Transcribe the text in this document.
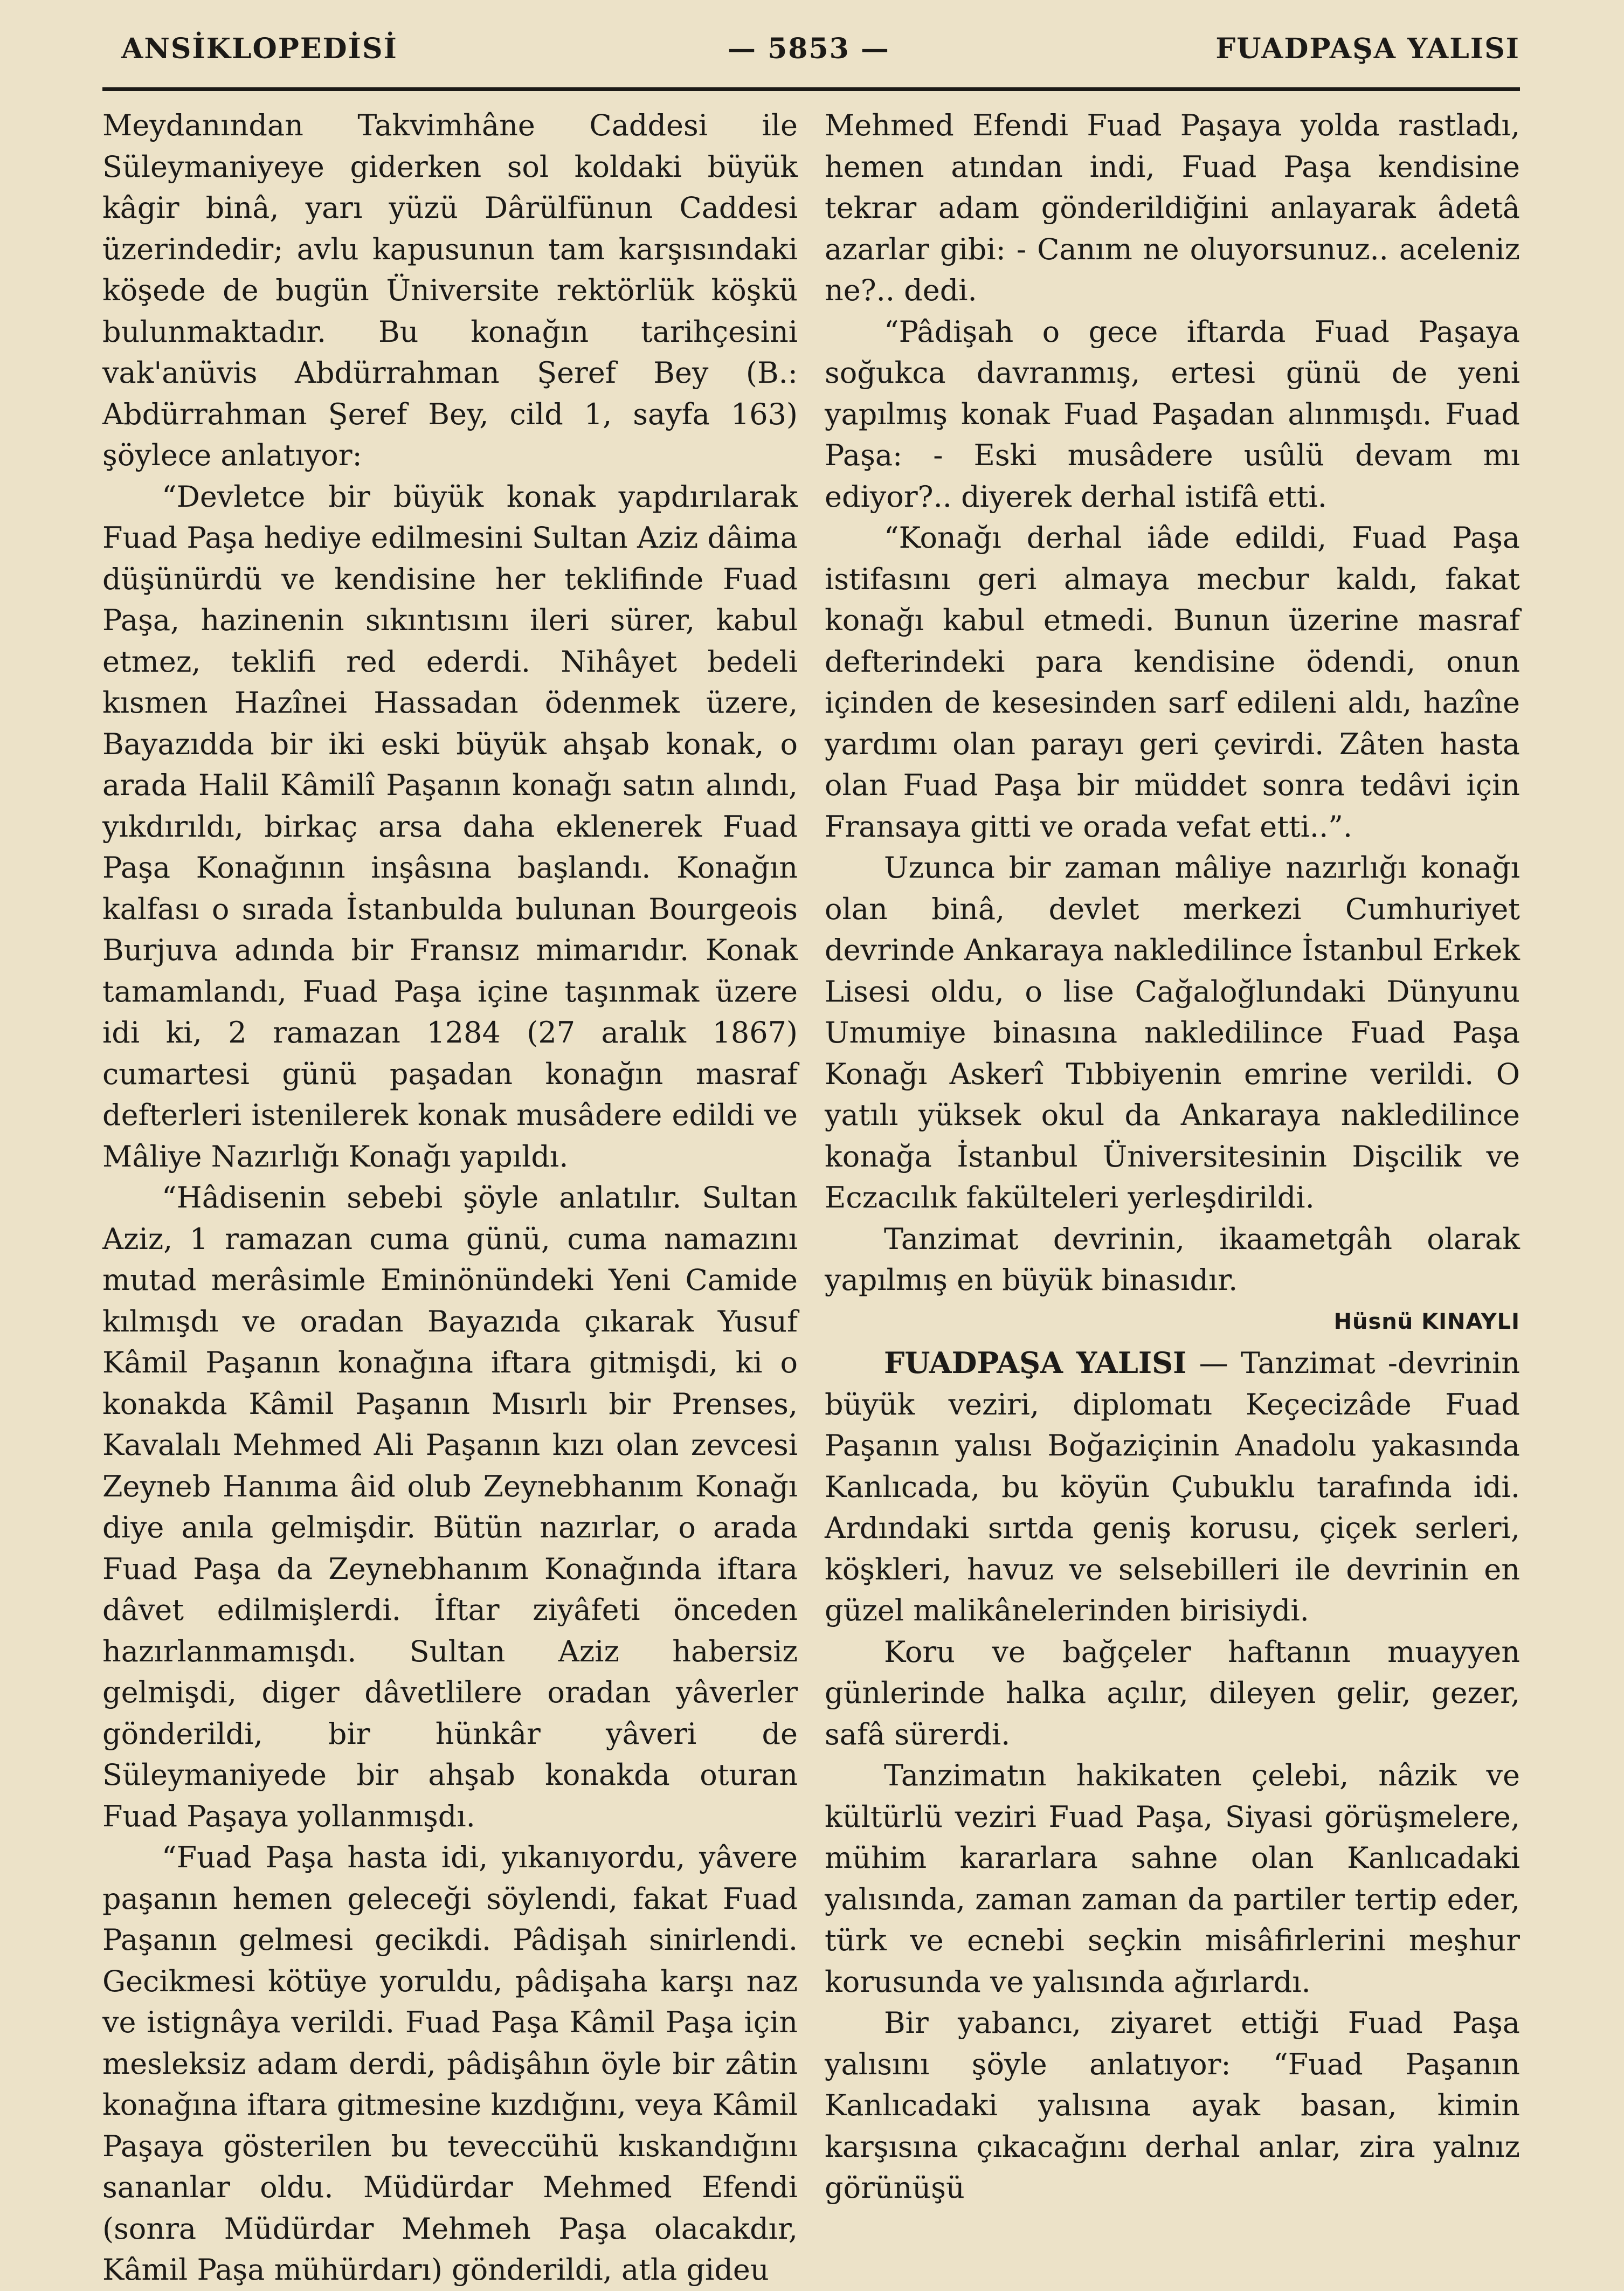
ANSİKLOPEDİSİ	— 5853 —	FUADPAŞA YALISI

Meydanından Takvimhâne Caddesi ile Süleymaniyeye giderken sol koldaki büyük kâgir binâ, yarı yüzü Dârülfünun Caddesi üzerindedir; avlu kapusunun tam karşısındaki köşede de bugün Üniversite rektörlük köşkü bulunmaktadır. Bu konağın tarihçesini vak'anüvis Abdürrahman Şeref Bey (B.: Abdürrahman Şeref Bey, cild 1, sayfa 163) şöylece anlatıyor:

“Devletce bir büyük konak yapdırılarak Fuad Paşa hediye edilmesini Sultan Aziz dâima düşünürdü ve kendisine her teklifinde Fuad Paşa, hazinenin sıkıntısını ileri sürer, kabul etmez, teklifi red ederdi. Nihâyet bedeli kısmen Hazînei Hassadan ödenmek üzere, Bayazıdda bir iki eski büyük ahşab konak, o arada Halil Kâmilî Paşanın konağı satın alındı, yıkdırıldı, birkaç arsa daha eklenerek Fuad Paşa Konağının inşâsına başlandı. Konağın kalfası o sırada İstanbulda bulunan Bourgeois Burjuva adında bir Fransız mimarıdır. Konak tamamlandı, Fuad Paşa içine taşınmak üzere idi ki, 2 ramazan 1284 (27 aralık 1867) cumartesi günü paşadan konağın masraf defterleri istenilerek konak musâdere edildi ve Mâliye Nazırlığı Konağı yapıldı.

“Hâdisenin sebebi şöyle anlatılır. Sultan Aziz, 1 ramazan cuma günü, cuma namazını mutad merâsimle Eminönündeki Yeni Camide kılmışdı ve oradan Bayazıda çıkarak Yusuf Kâmil Paşanın konağına iftara gitmişdi, ki o konakda Kâmil Paşanın Mısırlı bir Prenses, Kavalalı Mehmed Ali Paşanın kızı olan zevcesi Zeyneb Hanıma âid olub Zeynebhanım Konağı diye anıla gelmişdir. Bütün nazırlar, o arada Fuad Paşa da Zeynebhanım Konağında iftara dâvet edilmişlerdi. İftar ziyâfeti önceden hazırlanmamışdı. Sultan Aziz habersiz gelmişdi, diger dâvetlilere oradan yâverler gönderildi, bir hünkâr yâveri de Süleymaniyede bir ahşab konakda oturan Fuad Paşaya yollanmışdı.

“Fuad Paşa hasta idi, yıkanıyordu, yâvere paşanın hemen geleceği söylendi, fakat Fuad Paşanın gelmesi gecikdi. Pâdişah sinirlendi. Gecikmesi kötüye yoruldu, pâdişaha karşı naz ve istignâya verildi. Fuad Paşa Kâmil Paşa için mesleksiz adam derdi, pâdişâhın öyle bir zâtin konağına iftara gitmesine kızdığını, veya Kâmil Paşaya gösterilen bu teveccühü kıskandığını sananlar oldu. Müdürdar Mehmed Efendi (sonra Müdürdar Mehmeh Paşa olacakdır, Kâmil Paşa mühürdarı) gönderildi, atla gideu

Mehmed Efendi Fuad Paşaya yolda rastladı, hemen atından indi, Fuad Paşa kendisine tekrar adam gönderildiğini anlayarak âdetâ azarlar gibi: - Canım ne oluyorsunuz.. aceleniz ne?.. dedi.

“Pâdişah o gece iftarda Fuad Paşaya soğukca davranmış, ertesi günü de yeni yapılmış konak Fuad Paşadan alınmışdı. Fuad Paşa: - Eski musâdere usûlü devam mı ediyor?.. diyerek derhal istifâ etti.

“Konağı derhal iâde edildi, Fuad Paşa istifasını geri almaya mecbur kaldı, fakat konağı kabul etmedi. Bunun üzerine masraf defterindeki para kendisine ödendi, onun içinden de kesesinden sarf edileni aldı, hazîne yardımı olan parayı geri çevirdi. Zâten hasta olan Fuad Paşa bir müddet sonra tedâvi için Fransaya gitti ve orada vefat etti..”.

Uzunca bir zaman mâliye nazırlığı konağı olan binâ, devlet merkezi Cumhuriyet devrinde Ankaraya nakledilince İstanbul Erkek Lisesi oldu, o lise Cağaloğlundaki Dünyunu Umumiye binasına nakledilince Fuad Paşa Konağı Askerî Tıbbiyenin emrine verildi. O yatılı yüksek okul da Ankaraya nakledilince konağa İstanbul Üniversitesinin Dişcilik ve Eczacılık fakülteleri yerleşdirildi.

Tanzimat devrinin, ikaametgâh olarak yapılmış en büyük binasıdır.

Hüsnü KINAYLI

FUADPAŞA YALISI — Tanzimat -devrinin büyük veziri, diplomatı Keçecizâde Fuad Paşanın yalısı Boğaziçinin Anadolu yakasında Kanlıcada, bu köyün Çubuklu tarafında idi. Ardındaki sırtda geniş korusu, çiçek serleri, köşkleri, havuz ve selsebilleri ile devrinin en güzel malikânelerinden birisiydi.

Koru ve bağçeler haftanın muayyen günlerinde halka açılır, dileyen gelir, gezer, safâ sürerdi.

Tanzimatın hakikaten çelebi, nâzik ve kültürlü veziri Fuad Paşa, Siyasi görüşmelere, mühim kararlara sahne olan Kanlıcadaki yalısında, zaman zaman da partiler tertip eder, türk ve ecnebi seçkin misâfirlerini meşhur korusunda ve yalısında ağırlardı.

Bir yabancı, ziyaret ettiği Fuad Paşa yalısını şöyle anlatıyor: “Fuad Paşanın Kanlıcadaki yalısına ayak basan, kimin karşısına çıkacağını derhal anlar, zira yalnız görünüşü
